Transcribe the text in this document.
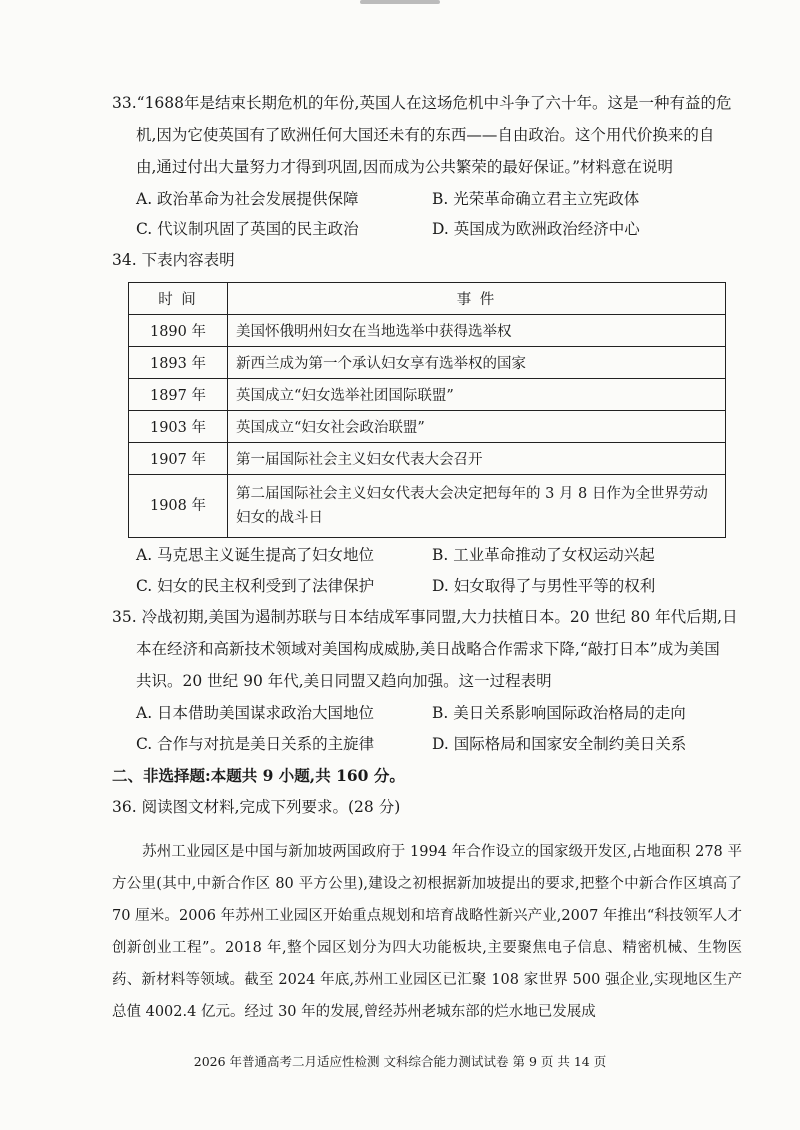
33.“1688年是结束长期危机的年份,英国人在这场危机中斗争了六十年。这是一种有益的危
机,因为它使英国有了欧洲任何大国还未有的东西——自由政治。这个用代价换来的自
由,通过付出大量努力才得到巩固,因而成为公共繁荣的最好保证。”材料意在说明
A. 政治革命为社会发展提供保障	B. 光荣革命确立君主立宪政体
C. 代议制巩固了英国的民主政治	D. 英国成为欧洲政治经济中心
34. 下表内容表明
时 间	事 件
1890 年	美国怀俄明州妇女在当地选举中获得选举权
1893 年	新西兰成为第一个承认妇女享有选举权的国家
1897 年	英国成立“妇女选举社团国际联盟”
1903 年	英国成立“妇女社会政治联盟”
1907 年	第一届国际社会主义妇女代表大会召开
1908 年	第二届国际社会主义妇女代表大会决定把每年的 3 月 8 日作为全世界劳动妇女的战斗日
A. 马克思主义诞生提高了妇女地位	B. 工业革命推动了女权运动兴起
C. 妇女的民主权利受到了法律保护	D. 妇女取得了与男性平等的权利
35. 冷战初期,美国为遏制苏联与日本结成军事同盟,大力扶植日本。20 世纪 80 年代后期,日
本在经济和高新技术领域对美国构成威胁,美日战略合作需求下降,“敲打日本”成为美国
共识。20 世纪 90 年代,美日同盟又趋向加强。这一过程表明
A. 日本借助美国谋求政治大国地位	B. 美日关系影响国际政治格局的走向
C. 合作与对抗是美日关系的主旋律	D. 国际格局和国家安全制约美日关系
二、非选择题:本题共 9 小题,共 160 分。
36. 阅读图文材料,完成下列要求。(28 分)
苏州工业园区是中国与新加坡两国政府于 1994 年合作设立的国家级开发区,占地面积 278 平方公里(其中,中新合作区 80 平方公里),建设之初根据新加坡提出的要求,把整个中新合作区填高了 70 厘米。2006 年苏州工业园区开始重点规划和培育战略性新兴产业,2007 年推出“科技领军人才创新创业工程”。2018 年,整个园区划分为四大功能板块,主要聚焦电子信息、精密机械、生物医药、新材料等领域。截至 2024 年底,苏州工业园区已汇聚 108 家世界 500 强企业,实现地区生产总值 4002.4 亿元。经过 30 年的发展,曾经苏州老城东部的烂水地已发展成
2026 年普通高考二月适应性检测 文科综合能力测试试卷 第 9 页 共 14 页
